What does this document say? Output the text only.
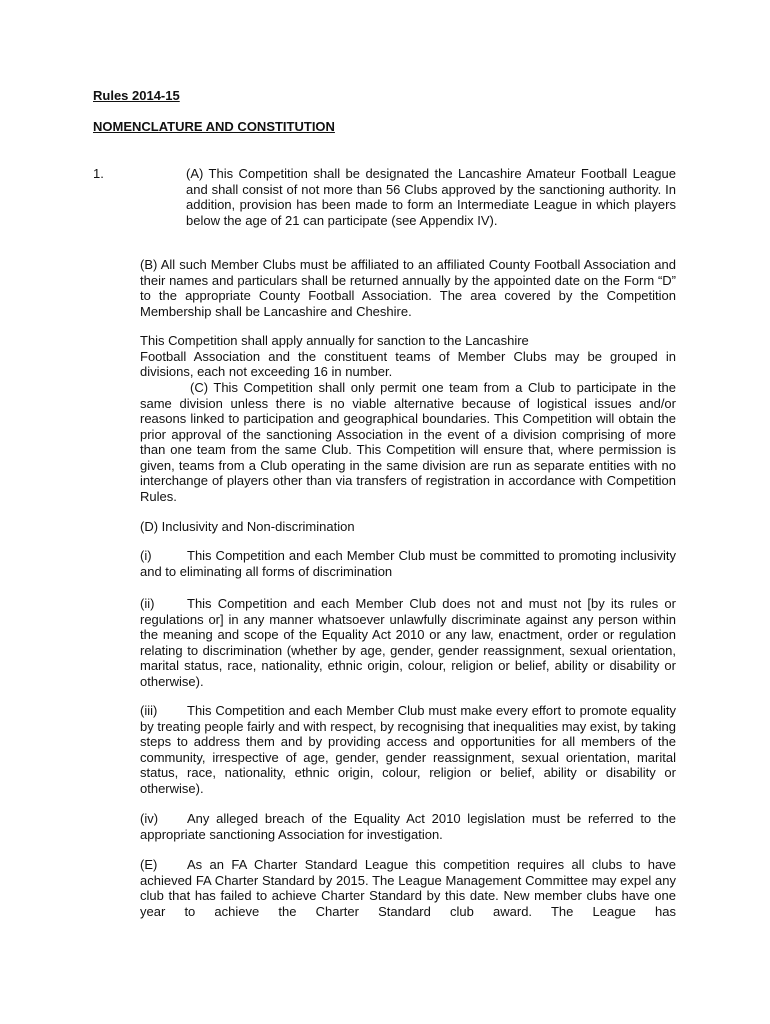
Rules 2014-15
NOMENCLATURE AND CONSTITUTION
1.	(A) This Competition shall be designated the Lancashire Amateur Football League and shall consist of not more than 56 Clubs approved by the sanctioning authority. In addition, provision has been made to form an Intermediate League in which players below the age of 21 can participate (see Appendix IV).

(B) All such Member Clubs must be affiliated to an affiliated County Football Association and their names and particulars shall be returned annually by the appointed date on the Form “D” to the appropriate County Football Association. The area covered by the Competition Membership shall be Lancashire and Cheshire.

This Competition shall apply annually for sanction to the Lancashire
Football Association and the constituent teams of Member Clubs may be grouped in divisions, each not exceeding 16 in number.

(C) This Competition shall only permit one team from a Club to participate in the same division unless there is no viable alternative because of logistical issues and/or reasons linked to participation and geographical boundaries. This Competition will obtain the prior approval of the sanctioning Association in the event of a division comprising of more than one team from the same Club. This Competition will ensure that, where permission is given, teams from a Club operating in the same division are run as separate entities with no interchange of players other than via transfers of registration in accordance with Competition Rules.

(D) Inclusivity and Non-discrimination

(i)	This Competition and each Member Club must be committed to promoting inclusivity and to eliminating all forms of discrimination

(ii)	This Competition and each Member Club does not and must not [by its rules or regulations or] in any manner whatsoever unlawfully discriminate against any person within the meaning and scope of the Equality Act 2010 or any law, enactment, order or regulation relating to discrimination (whether by age, gender, gender reassignment, sexual orientation, marital status, race, nationality, ethnic origin, colour, religion or belief, ability or disability or otherwise).

(iii) This Competition and each Member Club must make every effort to promote equality by treating people fairly and with respect, by recognising that inequalities may exist, by taking steps to address them and by providing access and opportunities for all members of the community, irrespective of age, gender, gender reassignment, sexual orientation, marital status, race, nationality, ethnic origin, colour, religion or belief, ability or disability or otherwise).

(iv) Any alleged breach of the Equality Act 2010 legislation must be referred to the appropriate sanctioning Association for investigation.

(E) As an FA Charter Standard League this competition requires all clubs to have achieved FA Charter Standard by 2015. The League Management Committee may expel any club that has failed to achieve Charter Standard by this date. New member clubs have one year to achieve the Charter Standard club award. The League has
